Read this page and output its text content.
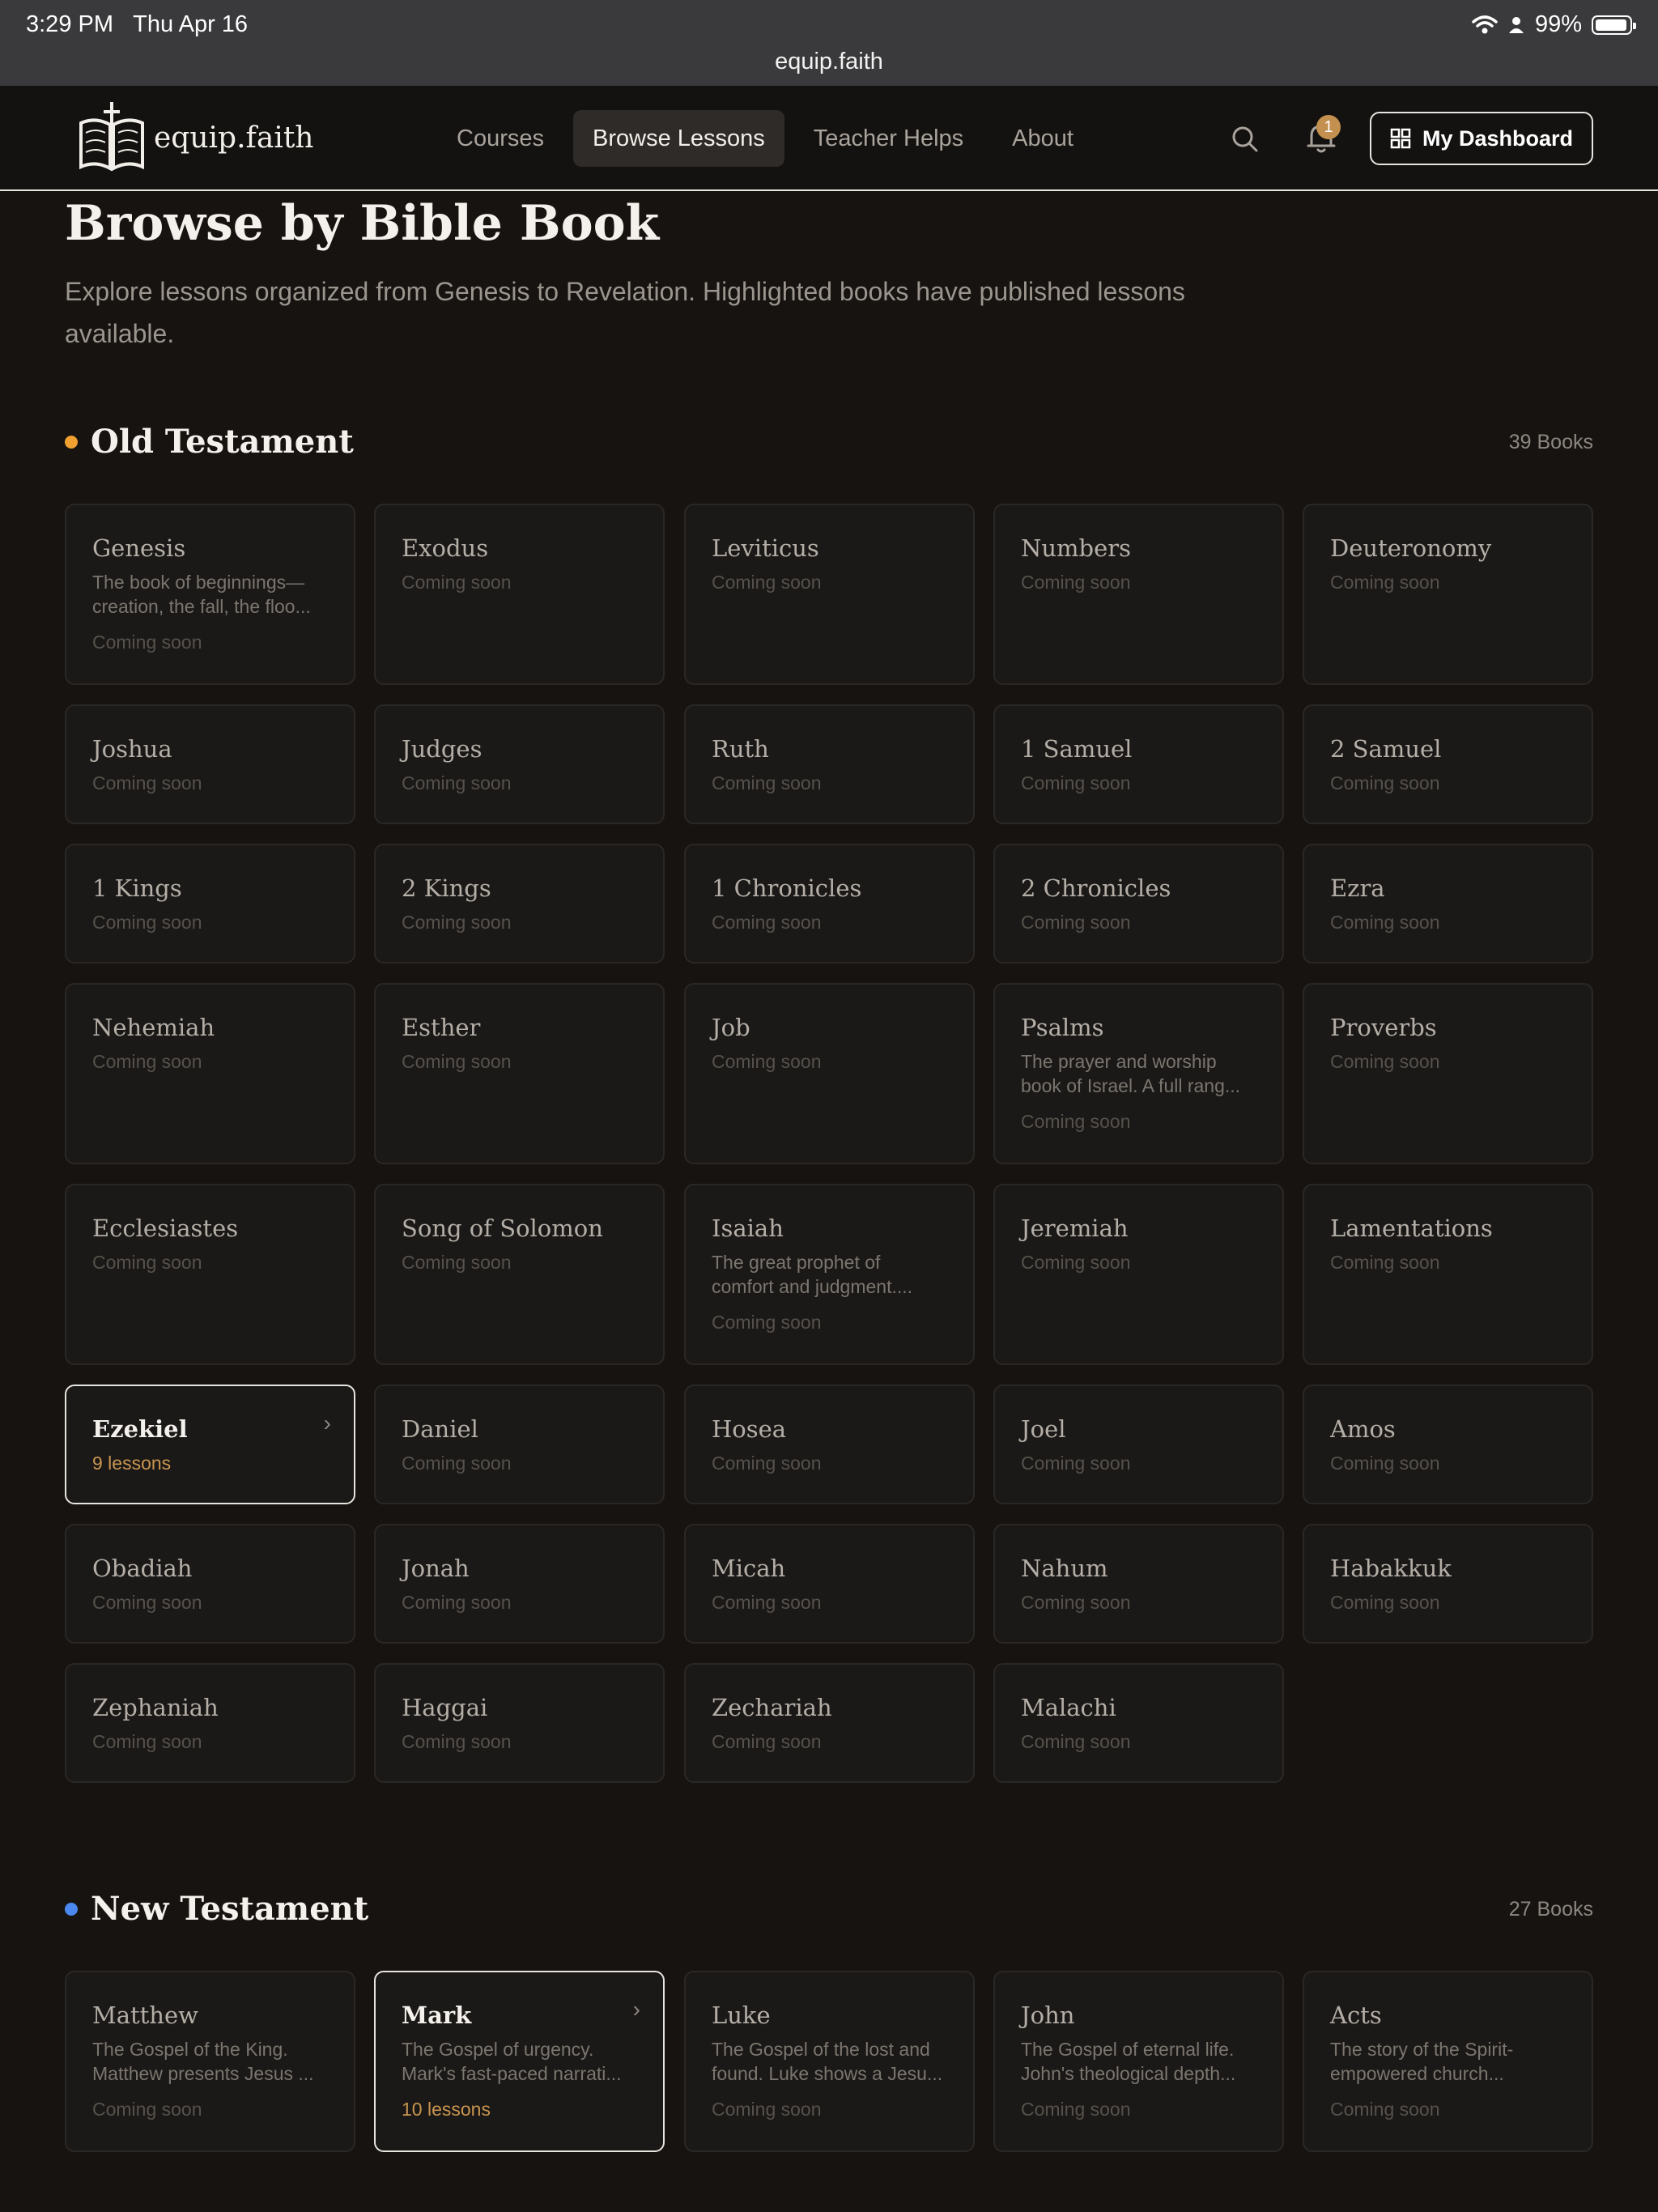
3:29 PM Thu Apr 16	99%
equip.faith
equip.faith	Courses	Browse Lessons	Teacher Helps	About	1	My Dashboard
Browse by Bible Book

Explore lessons organized from Genesis to Revelation. Highlighted books have published lessons available.

Old Testament	39 Books
Genesis
The book of beginnings—creation, the fall, the floo...
Coming soon
Exodus
Coming soon
Leviticus
Coming soon
Numbers
Coming soon
Deuteronomy
Coming soon
Joshua
Coming soon
Judges
Coming soon
Ruth
Coming soon
1 Samuel
Coming soon
2 Samuel
Coming soon
1 Kings
Coming soon
2 Kings
Coming soon
1 Chronicles
Coming soon
2 Chronicles
Coming soon
Ezra
Coming soon
Nehemiah
Coming soon
Esther
Coming soon
Job
Coming soon
Psalms
The prayer and worship book of Israel. A full rang...
Coming soon
Proverbs
Coming soon
Ecclesiastes
Coming soon
Song of Solomon
Coming soon
Isaiah
The great prophet of comfort and judgment....
Coming soon
Jeremiah
Coming soon
Lamentations
Coming soon
Ezekiel
9 lessons
›	Daniel
Coming soon
Hosea
Coming soon
Joel
Coming soon
Amos
Coming soon
Obadiah
Coming soon
Jonah
Coming soon
Micah
Coming soon
Nahum
Coming soon
Habakkuk
Coming soon
Zephaniah
Coming soon
Haggai
Coming soon
Zechariah
Coming soon
Malachi
Coming soon
New Testament	27 Books
Matthew
The Gospel of the King. Matthew presents Jesus ...
Coming soon
Mark
The Gospel of urgency. Mark's fast-paced narrati...
10 lessons
›	Luke
The Gospel of the lost and found. Luke shows a Jesu...
Coming soon
John
The Gospel of eternal life. John's theological depth...
Coming soon
Acts
The story of the Spirit-empowered church...
Coming soon
